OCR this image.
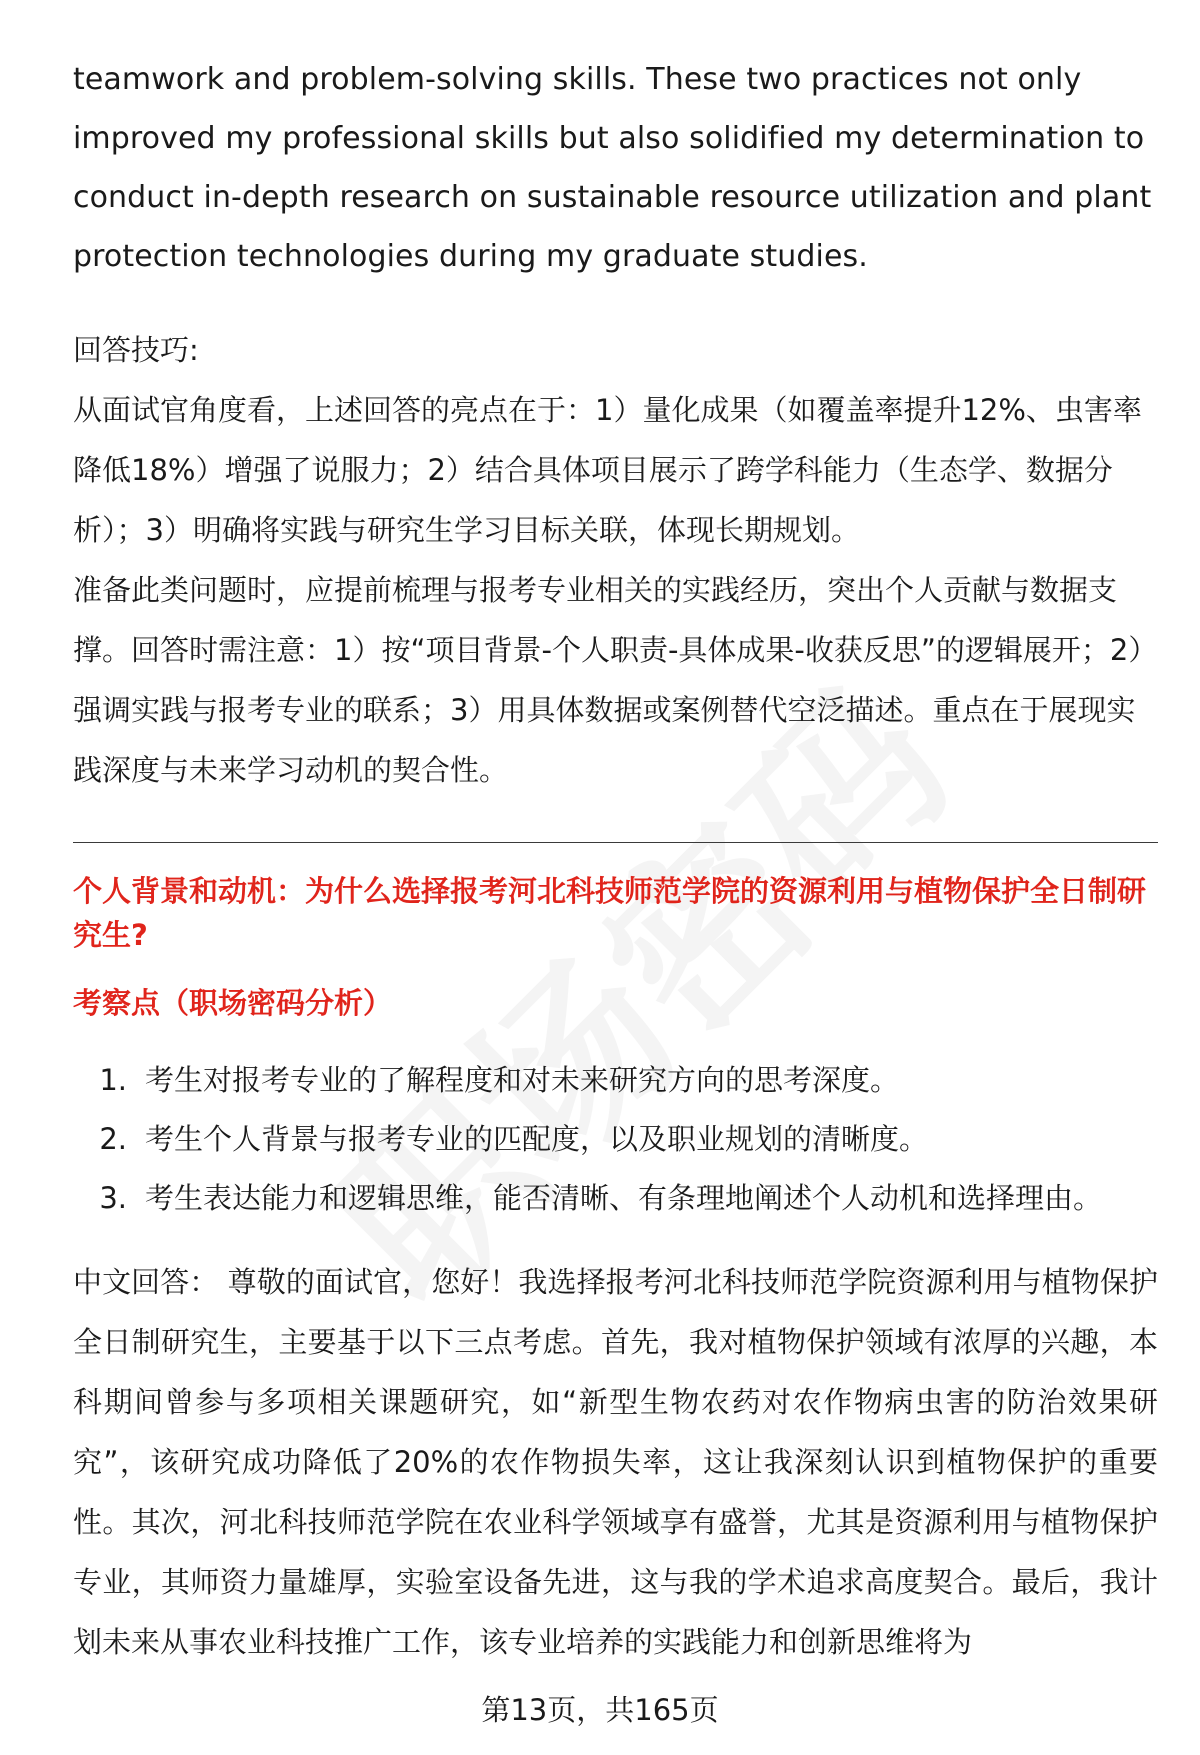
teamwork and problem-solving skills. These two practices not only improved my professional skills but also solidified my determination to conduct in-depth research on sustainable resource utilization and plant protection technologies during my graduate studies.

回答技巧:

从面试官角度看，上述回答的亮点在于：1）量化成果（如覆盖率提升12%、虫害率降低18%）增强了说服力；2）结合具体项目展示了跨学科能力（生态学、数据分析）；3）明确将实践与研究生学习目标关联，体现长期规划。

准备此类问题时，应提前梳理与报考专业相关的实践经历，突出个人贡献与数据支撑。回答时需注意：1）按“项目背景-个人职责-具体成果-收获反思”的逻辑展开；2）强调实践与报考专业的联系；3）用具体数据或案例替代空泛描述。重点在于展现实践深度与未来学习动机的契合性。

个人背景和动机：为什么选择报考河北科技师范学院的资源利用与植物保护全日制研究生?

考察点（职场密码分析）

1. 考生对报考专业的了解程度和对未来研究方向的思考深度。
2. 考生个人背景与报考专业的匹配度，以及职业规划的清晰度。
3. 考生表达能力和逻辑思维，能否清晰、有条理地阐述个人动机和选择理由。

中文回答： 尊敬的面试官，您好！我选择报考河北科技师范学院资源利用与植物保护全日制研究生，主要基于以下三点考虑。首先，我对植物保护领域有浓厚的兴趣，本科期间曾参与多项相关课题研究，如“新型生物农药对农作物病虫害的防治效果研究”，该研究成功降低了20%的农作物损失率，这让我深刻认识到植物保护的重要性。其次，河北科技师范学院在农业科学领域享有盛誉，尤其是资源利用与植物保护专业，其师资力量雄厚，实验室设备先进，这与我的学术追求高度契合。最后，我计划未来从事农业科技推广工作，该专业培养的实践能力和创新思维将为

第13页，共165页
